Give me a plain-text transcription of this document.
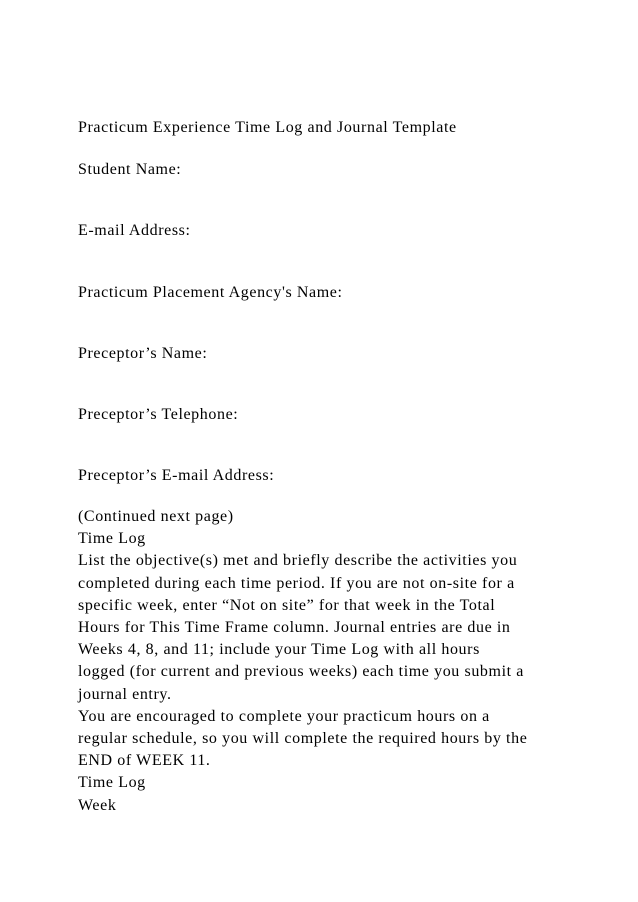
Practicum Experience Time Log and Journal Template
Student Name:
E-mail Address:
Practicum Placement Agency's Name:
Preceptor’s Name:
Preceptor’s Telephone:
Preceptor’s E-mail Address:
(Continued next page)
Time Log
List the objective(s) met and briefly describe the activities you
completed during each time period. If you are not on-site for a
specific week, enter “Not on site” for that week in the Total
Hours for This Time Frame column. Journal entries are due in
Weeks 4, 8, and 11; include your Time Log with all hours
logged (for current and previous weeks) each time you submit a
journal entry.
You are encouraged to complete your practicum hours on a
regular schedule, so you will complete the required hours by the
END of WEEK 11.
Time Log
Week
